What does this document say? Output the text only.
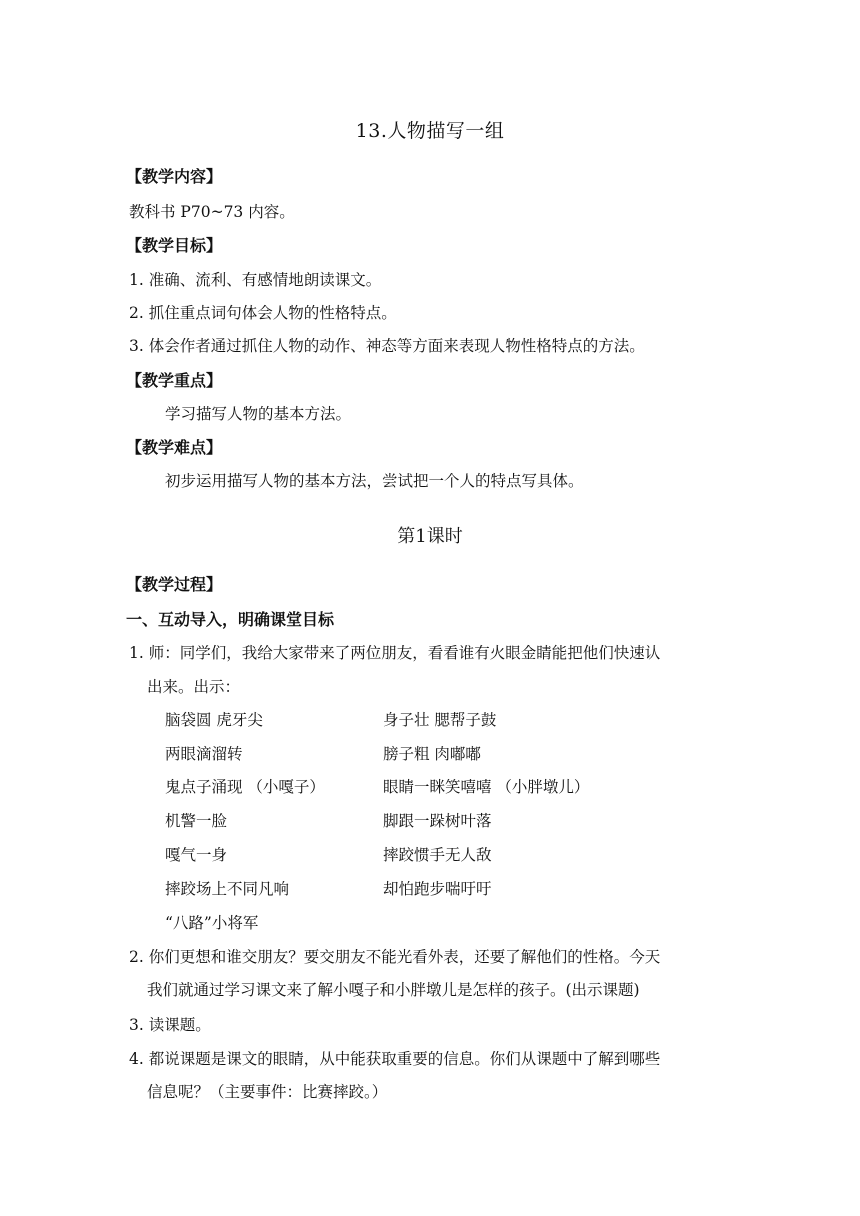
13.人物描写一组
【教学内容】
教科书 P70~73 内容。
【教学目标】
1. 准确、流利、有感情地朗读课文。
2. 抓住重点词句体会人物的性格特点。
3. 体会作者通过抓住人物的动作、神态等方面来表现人物性格特点的方法。
【教学重点】
学习描写人物的基本方法。
【教学难点】
初步运用描写人物的基本方法，尝试把一个人的特点写具体。
第1课时
【教学过程】
一、互动导入，明确课堂目标
1. 师：同学们，我给大家带来了两位朋友，看看谁有火眼金睛能把他们快速认
出来。出示：
脑袋圆 虎牙尖	身子壮 腮帮子鼓
两眼滴溜转	膀子粗 肉嘟嘟
鬼点子涌现 （小嘎子）	眼睛一眯笑嘻嘻 （小胖墩儿）
机警一脸	脚跟一跺树叶落
嘎气一身	摔跤惯手无人敌
摔跤场上不同凡响	却怕跑步喘吁吁
“八路”小将军
2. 你们更想和谁交朋友？要交朋友不能光看外表，还要了解他们的性格。今天
我们就通过学习课文来了解小嘎子和小胖墩儿是怎样的孩子。(出示课题)
3. 读课题。
4. 都说课题是课文的眼睛，从中能获取重要的信息。你们从课题中了解到哪些
信息呢？（主要事件：比赛摔跤。）
